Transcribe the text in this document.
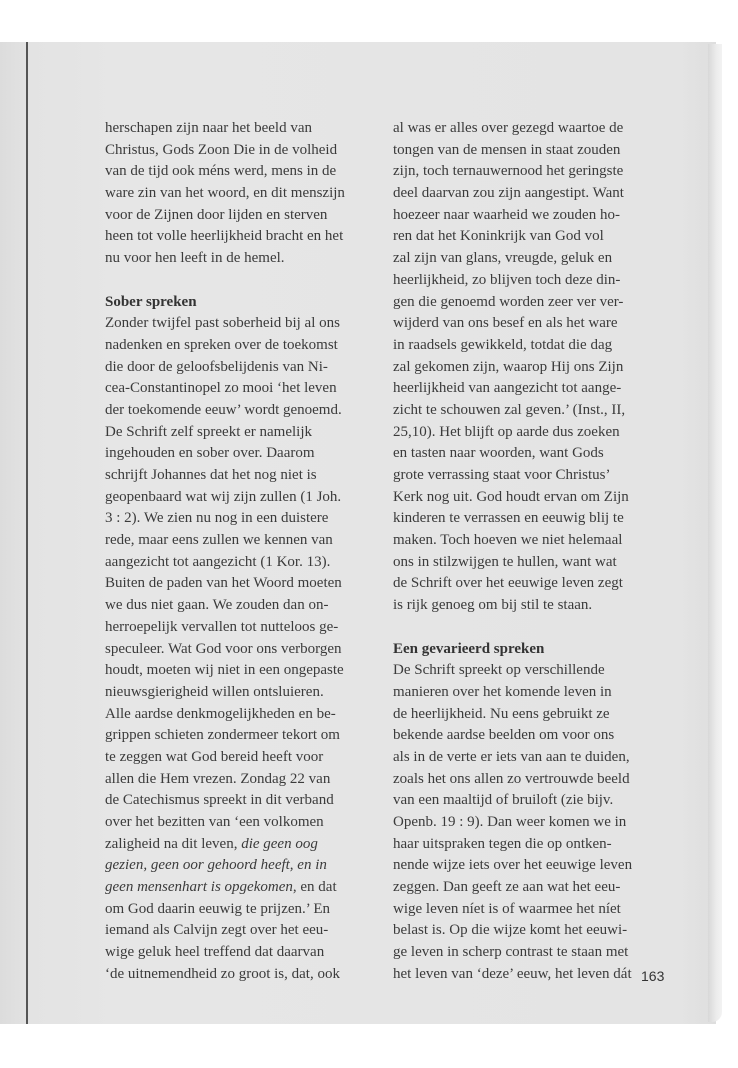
herschapen zijn naar het beeld van
Christus, Gods Zoon Die in de volheid
van de tijd ook méns werd, mens in de
ware zin van het woord, en dit menszijn
voor de Zijnen door lijden en sterven
heen tot volle heerlijkheid bracht en het
nu voor hen leeft in de hemel.
Sober spreken
Zonder twijfel past soberheid bij al ons
nadenken en spreken over de toekomst
die door de geloofsbelijdenis van Ni-
cea-Constantinopel zo mooi ‘het leven
der toekomende eeuw’ wordt genoemd.
De Schrift zelf spreekt er namelijk
ingehouden en sober over. Daarom
schrijft Johannes dat het nog niet is
geopenbaard wat wij zijn zullen (1 Joh.
3 : 2). We zien nu nog in een duistere
rede, maar eens zullen we kennen van
aangezicht tot aangezicht (1 Kor. 13).
Buiten de paden van het Woord moeten
we dus niet gaan. We zouden dan on-
herroepelijk vervallen tot nutteloos ge-
speculeer. Wat God voor ons verborgen
houdt, moeten wij niet in een ongepaste
nieuwsgierigheid willen ontsluieren.
Alle aardse denkmogelijkheden en be-
grippen schieten zondermeer tekort om
te zeggen wat God bereid heeft voor
allen die Hem vrezen. Zondag 22 van
de Catechismus spreekt in dit verband
over het bezitten van ‘een volkomen
zaligheid na dit leven, die geen oog
gezien, geen oor gehoord heeft, en in
geen mensenhart is opgekomen, en dat
om God daarin eeuwig te prijzen.’ En
iemand als Calvijn zegt over het eeu-
wige geluk heel treffend dat daarvan
‘de uitnemendheid zo groot is, dat, ook
al was er alles over gezegd waartoe de
tongen van de mensen in staat zouden
zijn, toch ternauwernood het geringste
deel daarvan zou zijn aangestipt. Want
hoezeer naar waarheid we zouden ho-
ren dat het Koninkrijk van God vol
zal zijn van glans, vreugde, geluk en
heerlijkheid, zo blijven toch deze din-
gen die genoemd worden zeer ver ver-
wijderd van ons besef en als het ware
in raadsels gewikkeld, totdat die dag
zal gekomen zijn, waarop Hij ons Zijn
heerlijkheid van aangezicht tot aange-
zicht te schouwen zal geven.’ (Inst., II,
25,10). Het blijft op aarde dus zoeken
en tasten naar woorden, want Gods
grote verrassing staat voor Christus’
Kerk nog uit. God houdt ervan om Zijn
kinderen te verrassen en eeuwig blij te
maken. Toch hoeven we niet helemaal
ons in stilzwijgen te hullen, want wat
de Schrift over het eeuwige leven zegt
is rijk genoeg om bij stil te staan.
Een gevarieerd spreken
De Schrift spreekt op verschillende
manieren over het komende leven in
de heerlijkheid. Nu eens gebruikt ze
bekende aardse beelden om voor ons
als in de verte er iets van aan te duiden,
zoals het ons allen zo vertrouwde beeld
van een maaltijd of bruiloft (zie bijv.
Openb. 19 : 9). Dan weer komen we in
haar uitspraken tegen die op ontken-
nende wijze iets over het eeuwige leven
zeggen. Dan geeft ze aan wat het eeu-
wige leven níet is of waarmee het níet
belast is. Op die wijze komt het eeuwi-
ge leven in scherp contrast te staan met
het leven van ‘deze’ eeuw, het leven dát 163
